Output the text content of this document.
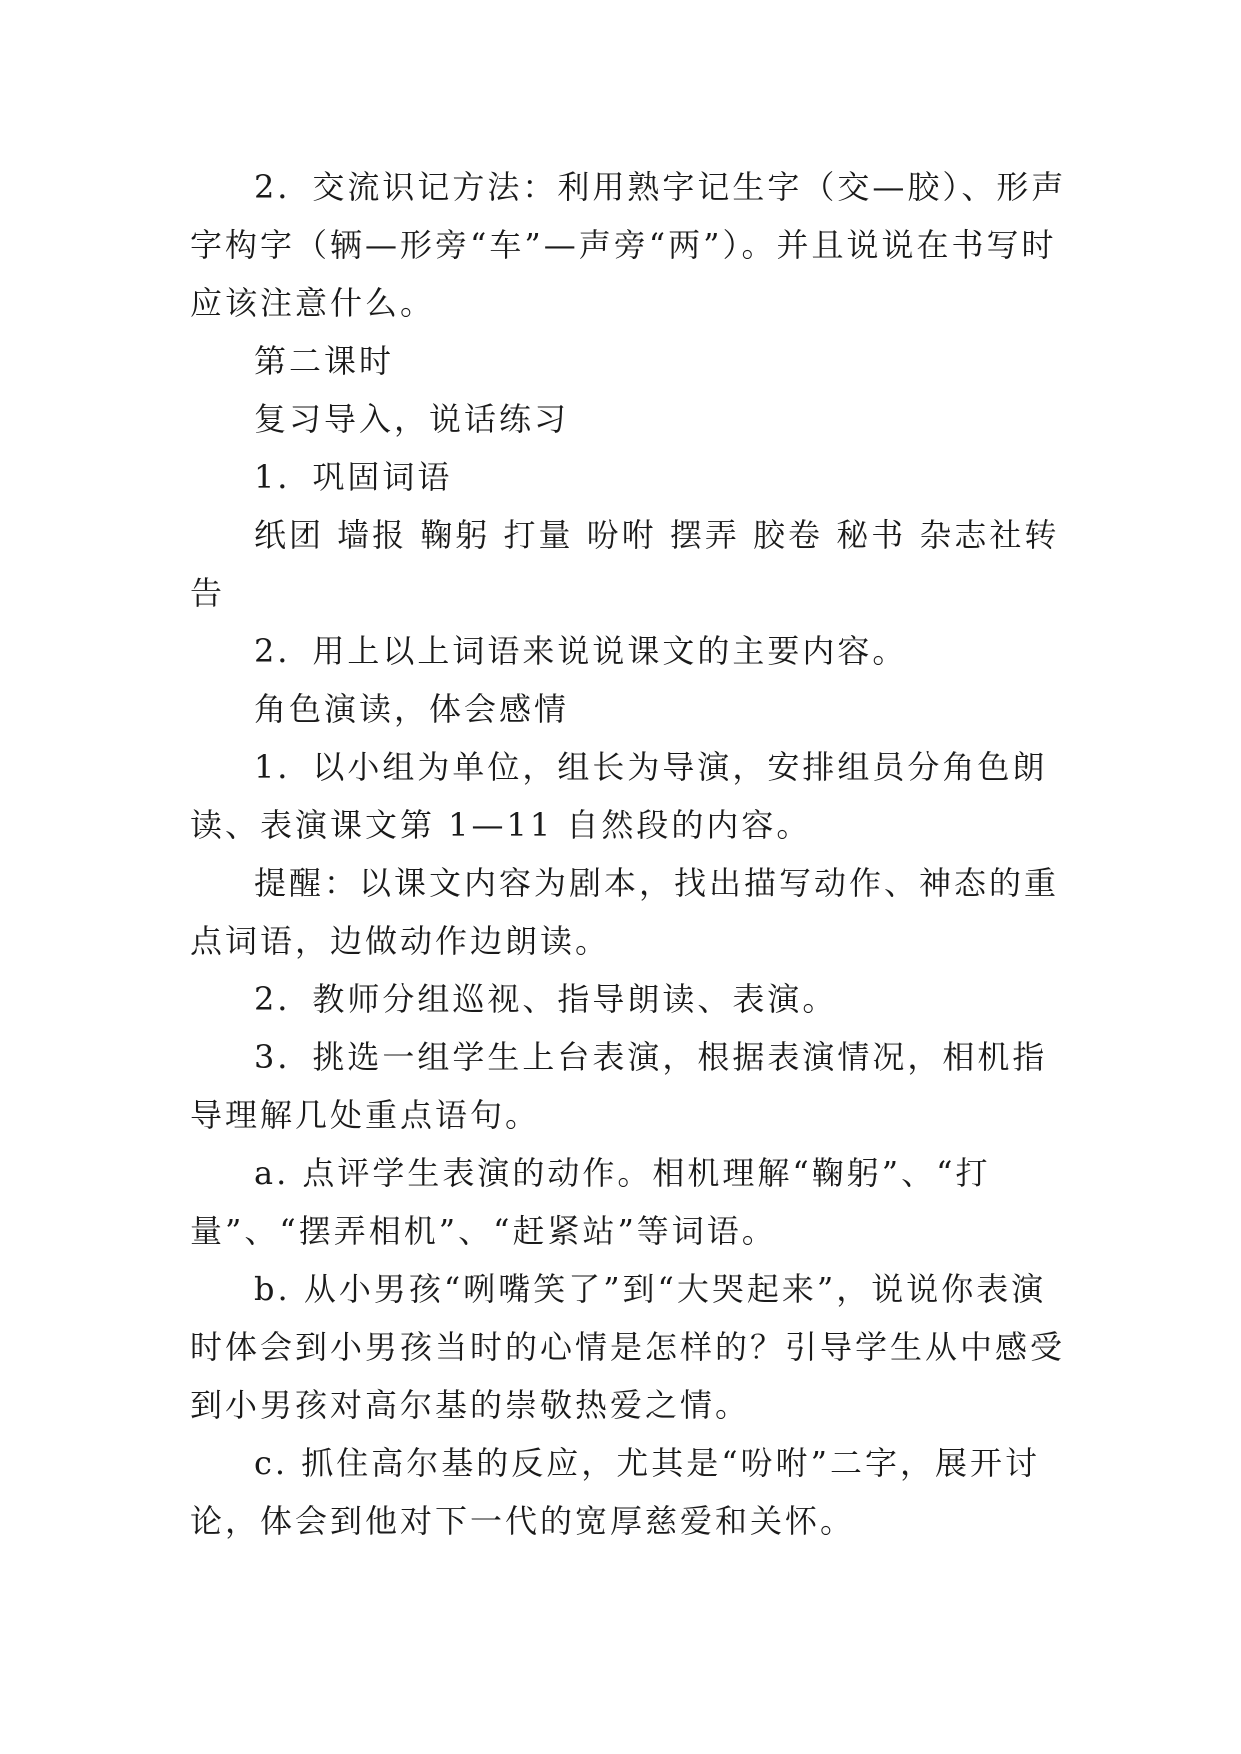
2．交流识记方法：利用熟字记生字（交—胶）、形声字构字（辆—形旁“车”—声旁“两”）。并且说说在书写时应该注意什么。

第二课时

复习导入，说话练习

1．巩固词语

纸团 墙报 鞠躬 打量 吩咐 摆弄 胶卷 秘书 杂志社转告

2．用上以上词语来说说课文的主要内容。

角色演读，体会感情

1．以小组为单位，组长为导演，安排组员分角色朗读、表演课文第 1—11 自然段的内容。

提醒：以课文内容为剧本，找出描写动作、神态的重点词语，边做动作边朗读。

2．教师分组巡视、指导朗读、表演。

3．挑选一组学生上台表演，根据表演情况，相机指导理解几处重点语句。

a. 点评学生表演的动作。相机理解“鞠躬”、“打量”、“摆弄相机”、“赶紧站”等词语。

b. 从小男孩“咧嘴笑了”到“大哭起来”，说说你表演时体会到小男孩当时的心情是怎样的？引导学生从中感受到小男孩对高尔基的崇敬热爱之情。

c. 抓住高尔基的反应，尤其是“吩咐”二字，展开讨论，体会到他对下一代的宽厚慈爱和关怀。
